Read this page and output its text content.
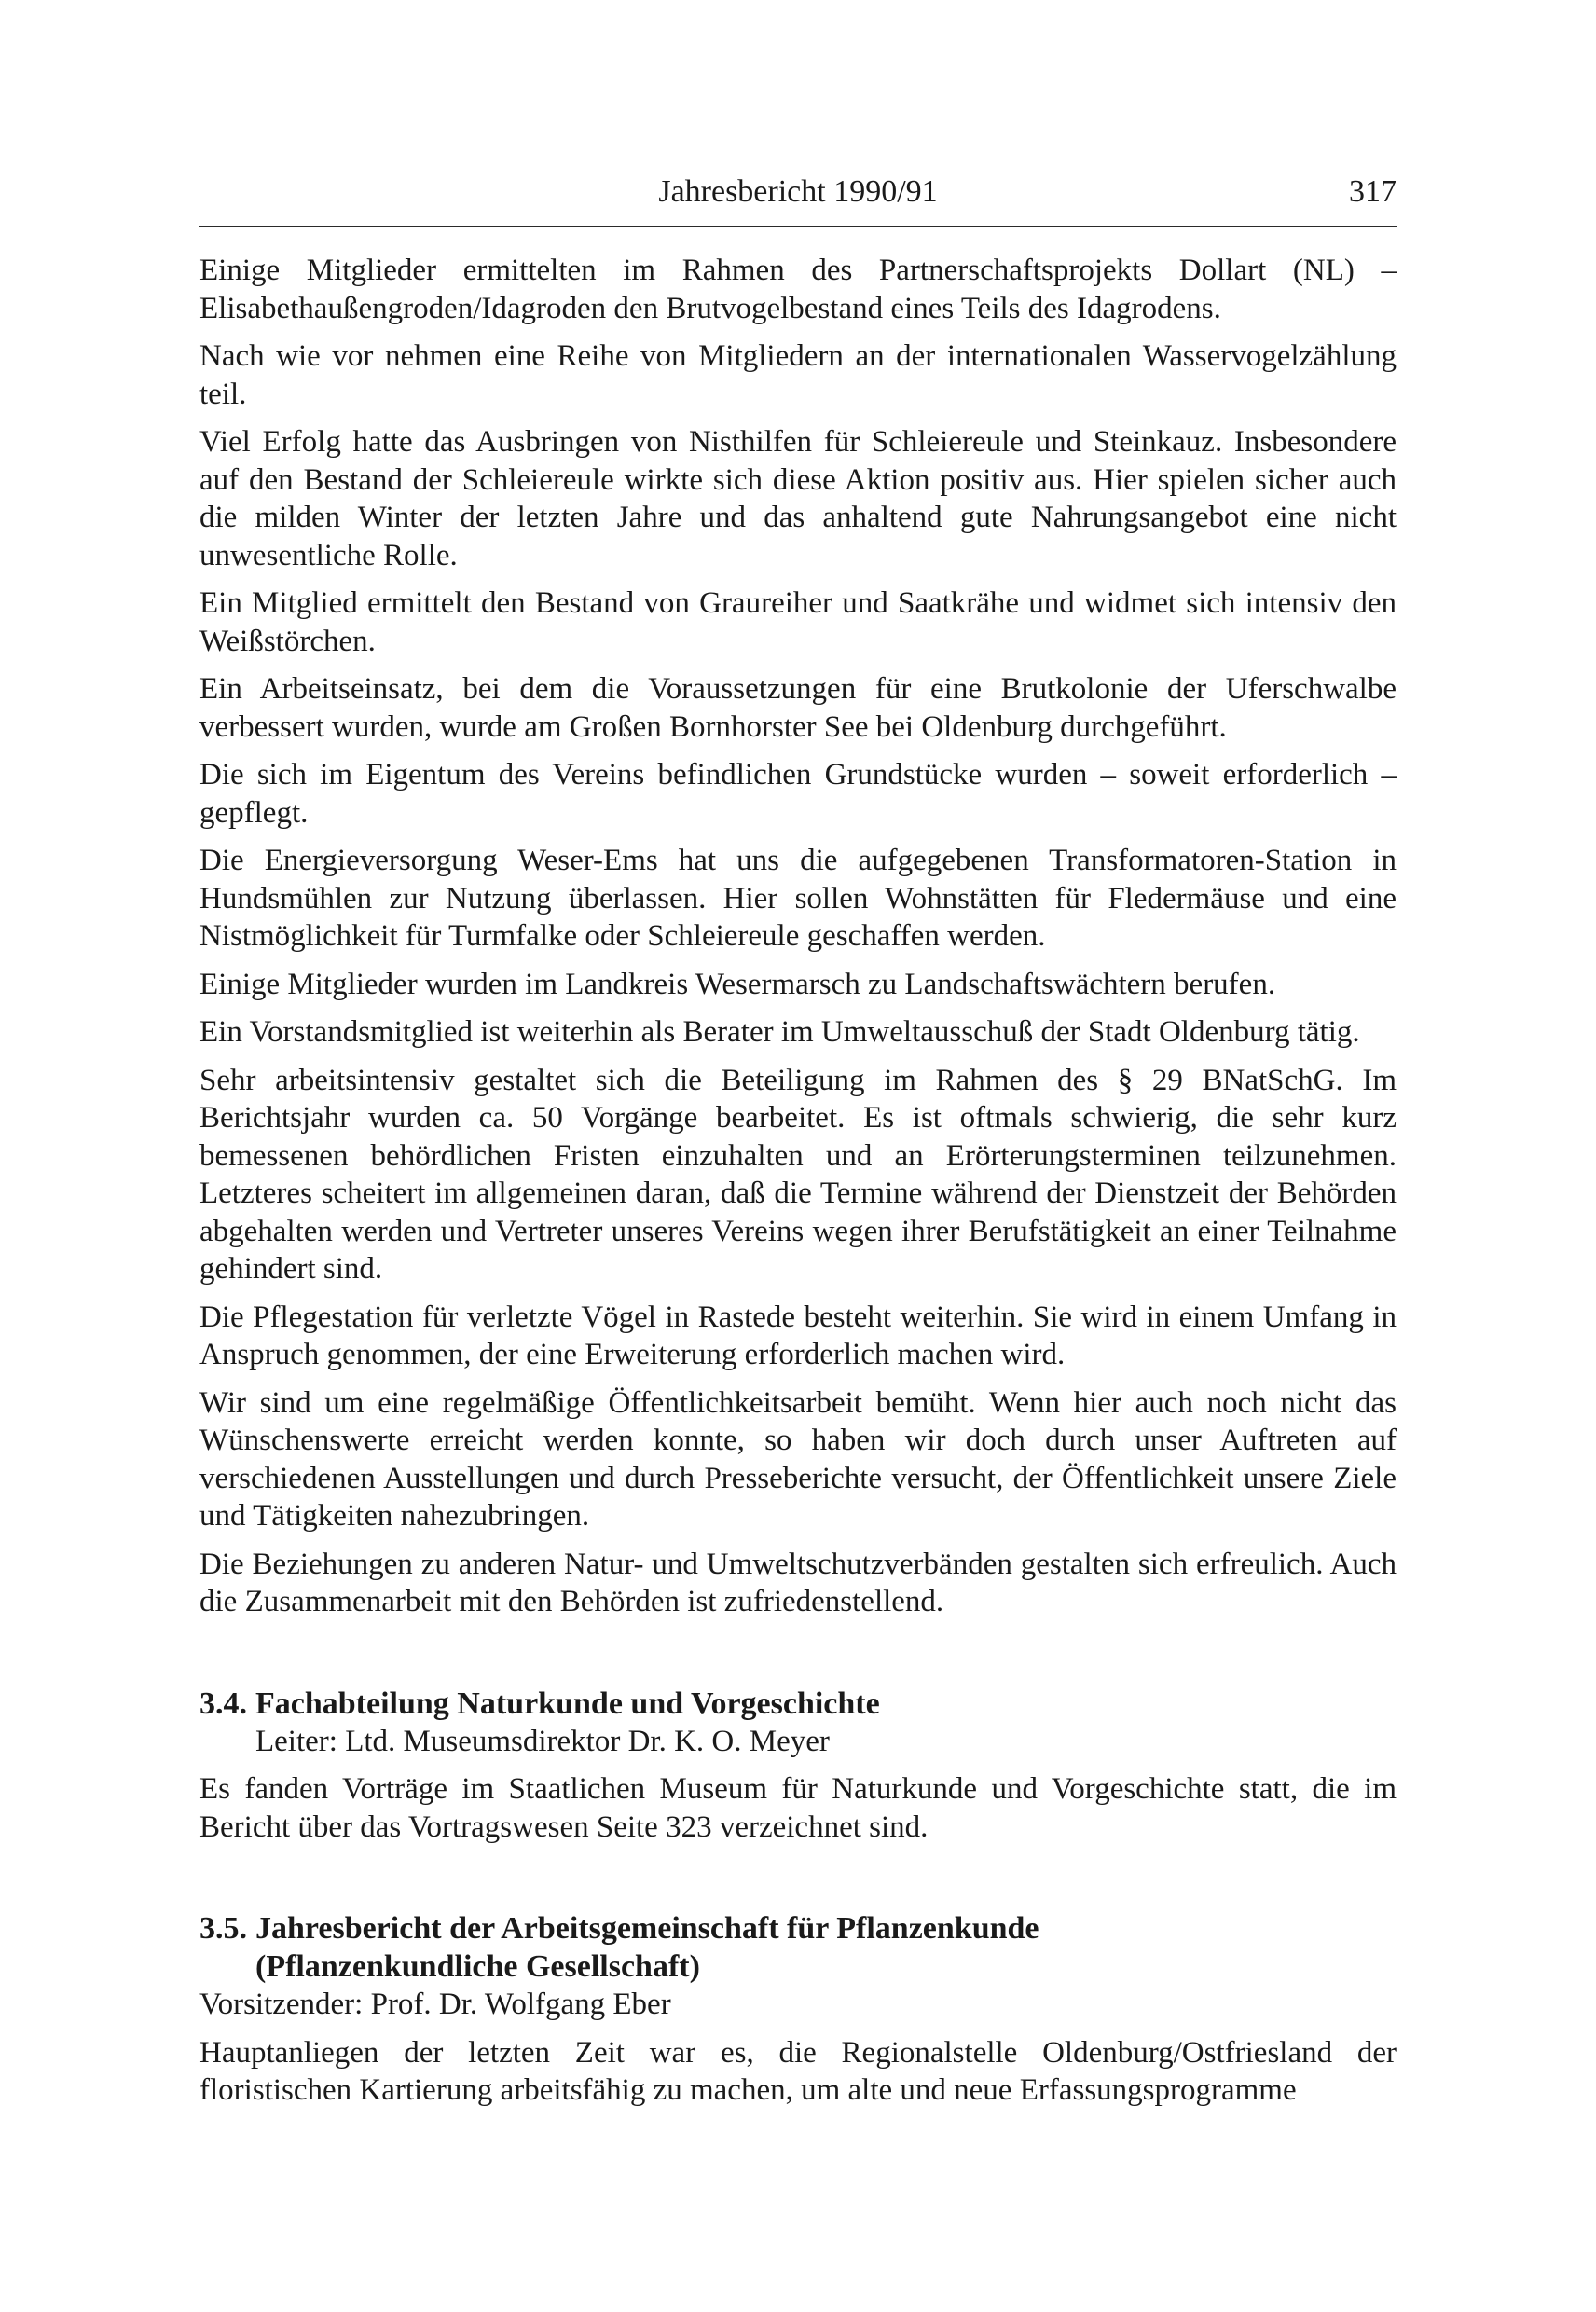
Jahresbericht 1990/91	317

Einige Mitglieder ermittelten im Rahmen des Partnerschaftsprojekts Dollart (NL) – Elisabethaußengroden/Idagroden den Brutvogelbestand eines Teils des Idagrodens.

Nach wie vor nehmen eine Reihe von Mitgliedern an der internationalen Wasservogelzählung teil.

Viel Erfolg hatte das Ausbringen von Nisthilfen für Schleiereule und Steinkauz. Insbesondere auf den Bestand der Schleiereule wirkte sich diese Aktion positiv aus. Hier spielen sicher auch die milden Winter der letzten Jahre und das anhaltend gute Nahrungsangebot eine nicht unwesentliche Rolle.

Ein Mitglied ermittelt den Bestand von Graureiher und Saatkrähe und widmet sich intensiv den Weißstörchen.

Ein Arbeitseinsatz, bei dem die Voraussetzungen für eine Brutkolonie der Uferschwalbe verbessert wurden, wurde am Großen Bornhorster See bei Oldenburg durchgeführt.

Die sich im Eigentum des Vereins befindlichen Grundstücke wurden – soweit erforderlich – gepflegt.

Die Energieversorgung Weser-Ems hat uns die aufgegebenen Transformatoren-Station in Hundsmühlen zur Nutzung überlassen. Hier sollen Wohnstätten für Fledermäuse und eine Nistmöglichkeit für Turmfalke oder Schleiereule geschaffen werden.

Einige Mitglieder wurden im Landkreis Wesermarsch zu Landschaftswächtern berufen.

Ein Vorstandsmitglied ist weiterhin als Berater im Umweltausschuß der Stadt Oldenburg tätig.

Sehr arbeitsintensiv gestaltet sich die Beteiligung im Rahmen des § 29 BNatSchG. Im Berichtsjahr wurden ca. 50 Vorgänge bearbeitet. Es ist oftmals schwierig, die sehr kurz bemessenen behördlichen Fristen einzuhalten und an Erörterungsterminen teilzunehmen. Letzteres scheitert im allgemeinen daran, daß die Termine während der Dienstzeit der Behörden abgehalten werden und Vertreter unseres Vereins wegen ihrer Berufstätigkeit an einer Teilnahme gehindert sind.

Die Pflegestation für verletzte Vögel in Rastede besteht weiterhin. Sie wird in einem Umfang in Anspruch genommen, der eine Erweiterung erforderlich machen wird.

Wir sind um eine regelmäßige Öffentlichkeitsarbeit bemüht. Wenn hier auch noch nicht das Wünschenswerte erreicht werden konnte, so haben wir doch durch unser Auftreten auf verschiedenen Ausstellungen und durch Presseberichte versucht, der Öffentlichkeit unsere Ziele und Tätigkeiten nahezubringen.

Die Beziehungen zu anderen Natur- und Umweltschutzverbänden gestalten sich erfreulich. Auch die Zusammenarbeit mit den Behörden ist zufriedenstellend.

3.4. Fachabteilung Naturkunde und Vorgeschichte

Leiter: Ltd. Museumsdirektor Dr. K. O. Meyer

Es fanden Vorträge im Staatlichen Museum für Naturkunde und Vorgeschichte statt, die im Bericht über das Vortragswesen Seite 323 verzeichnet sind.

3.5. Jahresbericht der Arbeitsgemeinschaft für Pflanzenkunde
(Pflanzenkundliche Gesellschaft)

Vorsitzender: Prof. Dr. Wolfgang Eber

Hauptanliegen der letzten Zeit war es, die Regionalstelle Oldenburg/Ostfriesland der floristischen Kartierung arbeitsfähig zu machen, um alte und neue Erfassungsprogramme
